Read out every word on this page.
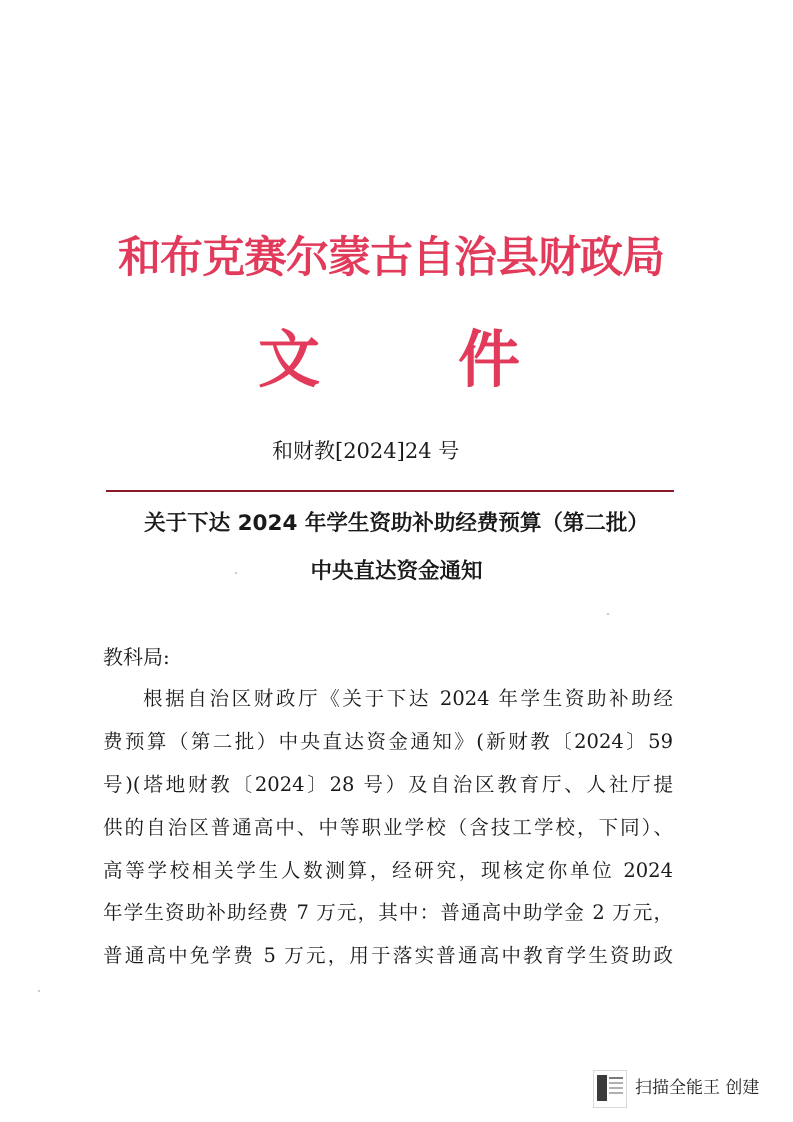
和布克赛尔蒙古自治县财政局
文 件
和财教[2024]24 号
关于下达 2024 年学生资助补助经费预算（第二批）
中央直达资金通知
教科局:
根据自治区财政厅《关于下达 2024 年学生资助补助经
费预算（第二批）中央直达资金通知》(新财教〔2024〕59
号)(塔地财教〔2024〕28 号）及自治区教育厅、人社厅提
供的自治区普通高中、中等职业学校（含技工学校，下同）、
高等学校相关学生人数测算，经研究，现核定你单位 2024
年学生资助补助经费 7 万元，其中：普通高中助学金 2 万元，
普通高中免学费 5 万元，用于落实普通高中教育学生资助政
扫描全能王 创建
